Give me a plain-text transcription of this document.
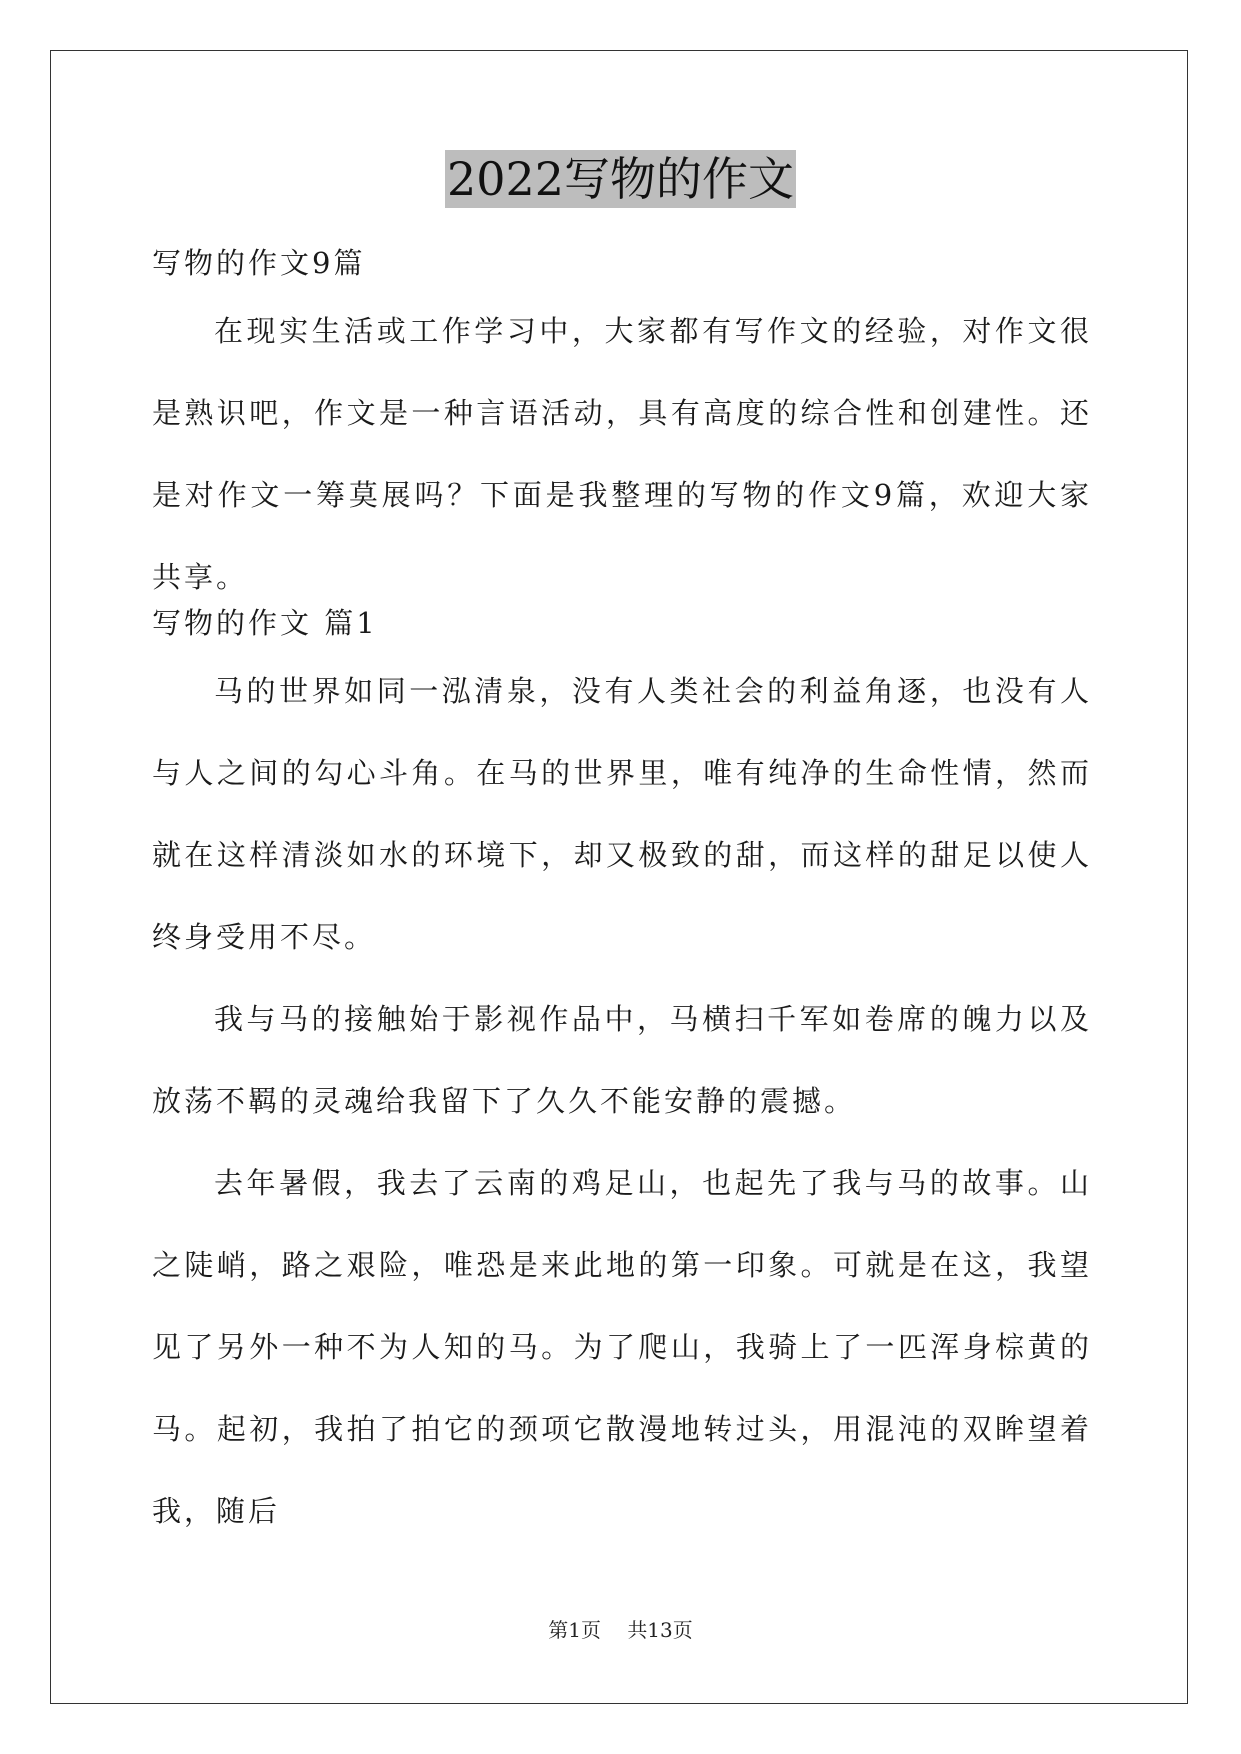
2022写物的作文

写物的作文9篇

在现实生活或工作学习中，大家都有写作文的经验，对作文很是熟识吧，作文是一种言语活动，具有高度的综合性和创建性。还是对作文一筹莫展吗？下面是我整理的写物的作文9篇，欢迎大家共享。

写物的作文 篇1

马的世界如同一泓清泉，没有人类社会的利益角逐，也没有人与人之间的勾心斗角。在马的世界里，唯有纯净的生命性情，然而就在这样清淡如水的环境下，却又极致的甜，而这样的甜足以使人终身受用不尽。

我与马的接触始于影视作品中，马横扫千军如卷席的魄力以及放荡不羁的灵魂给我留下了久久不能安静的震撼。

去年暑假，我去了云南的鸡足山，也起先了我与马的故事。山之陡峭，路之艰险，唯恐是来此地的第一印象。可就是在这，我望见了另外一种不为人知的马。为了爬山，我骑上了一匹浑身棕黄的马。起初，我拍了拍它的颈项它散漫地转过头，用混沌的双眸望着我，随后

第1页 共13页
